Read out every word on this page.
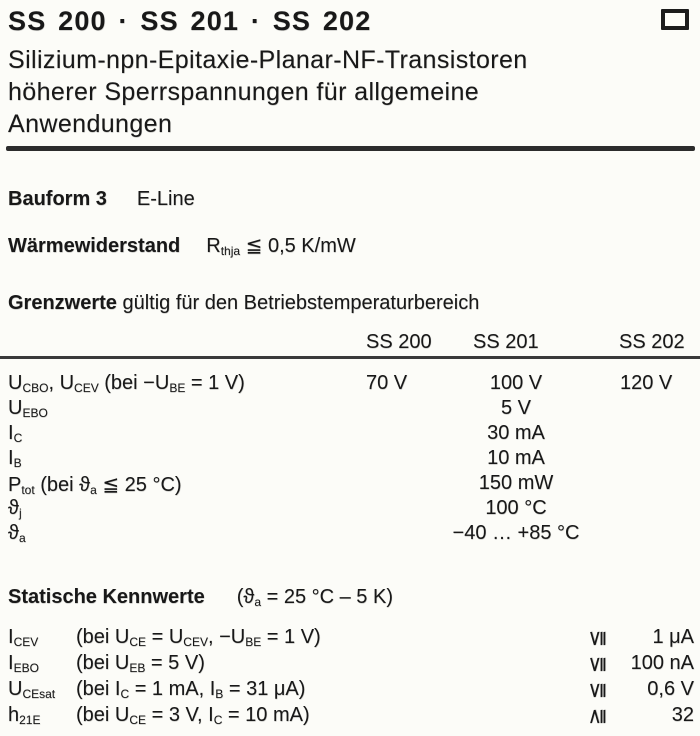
SS 200 · SS 201 · SS 202
Silizium-npn-Epitaxie-Planar-NF-Transistoren
höherer Sperrspannungen für allgemeine
Anwendungen
Bauform 3 E-Line
Wärmewiderstand $R_{thja}$ ≦ 0,5 K/mW
Grenzwerte gültig für den Betriebstemperaturbereich
SS 200 SS 201	SS 202
$U_{CBO}$, $U_{CEV}$ ($bei -U_{BE} = 1$ V)	70 V	100 V	120 V
$U_{EBO}$	5 V
$I_C$	30 mA
$I_B$	10 mA
$P_{tot}$ (bei $ϑ_a$ ≦ 25 °C)	150 mW
$ϑ_j$	100 °C
$ϑ_a$	−40 … +85 °C
Statische Kennwerte ($ϑ_a = 25$ °C – 5 K)
$I_{CEV}$ (bei $U_{CE} = U_{CEV}$, $-U_{BE} = 1$ V)	≦	1 μA
$I_{EBO}$ (bei $U_{EB} = 5$ V)	≦	100 nA
$U_{CEsat}$ (bei $I_C = 1$ mA, $I_B = 31$ μA)	≦	0,6 V
$h_{21E}$ (bei $U_{CE} = 3$ V, $I_C = 10$ mA)	≧	32
